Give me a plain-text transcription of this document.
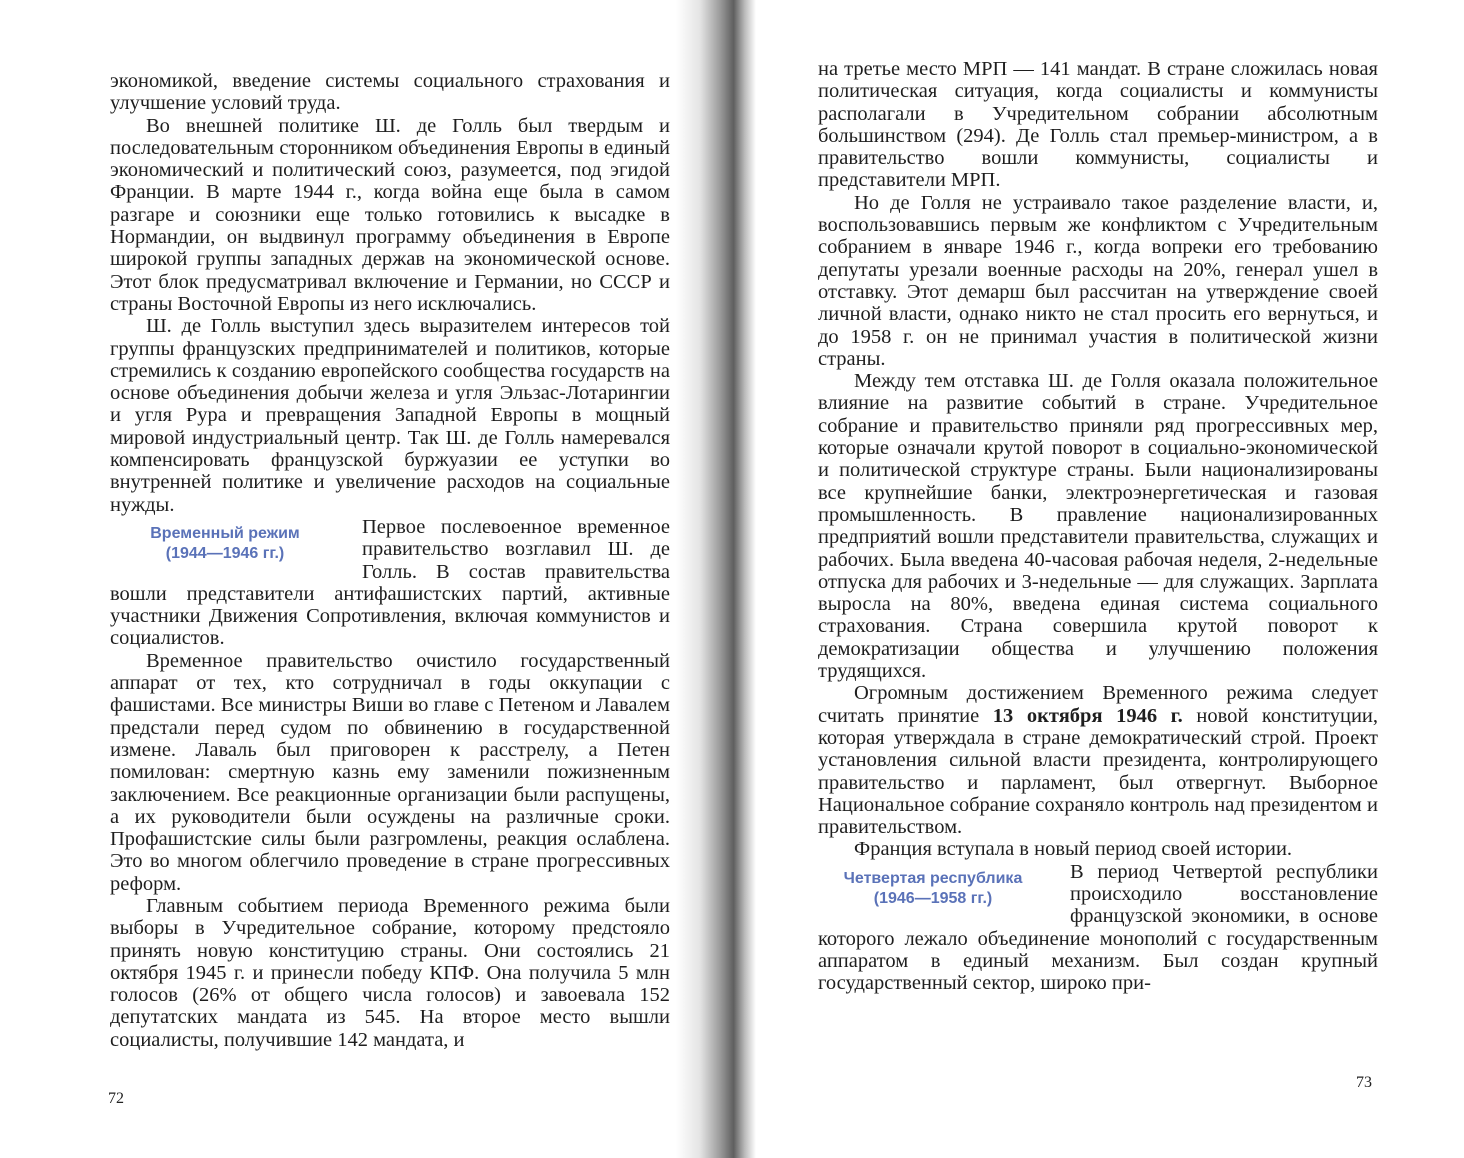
экономикой, введение системы социального страхования и улучшение условий труда.

Во внешней политике Ш. де Голль был твердым и последовательным сторонником объединения Европы в единый экономический и политический союз, разумеется, под эгидой Франции. В марте 1944 г., когда война еще была в самом разгаре и союзники еще только готовились к высадке в Нормандии, он выдвинул программу объединения в Европе широкой группы западных держав на экономической основе. Этот блок предусматривал включение и Германии, но СССР и страны Восточной Европы из него исключались.

Ш. де Голль выступил здесь выразителем интересов той группы французских предпринимателей и политиков, которые стремились к созданию европейского сообщества государств на основе объединения добычи железа и угля Эльзас-Лотарингии и угля Рура и превращения Западной Европы в мощный мировой индустриальный центр. Так Ш. де Голль намеревался компенсировать французской буржуазии ее уступки во внутренней политике и увеличение расходов на социальные нужды.

Временный режим
(1944—1946 гг.)

Первое послевоенное временное правительство возглавил Ш. де Голль. В состав правительства вошли представители антифашистских партий, активные участники Движения Сопротивления, включая коммунистов и социалистов.

Временное правительство очистило государственный аппарат от тех, кто сотрудничал в годы оккупации с фашистами. Все министры Виши во главе с Петеном и Лавалем предстали перед судом по обвинению в государственной измене. Лаваль был приговорен к расстрелу, а Петен помилован: смертную казнь ему заменили пожизненным заключением. Все реакционные организации были распущены, а их руководители были осуждены на различные сроки. Профашистские силы были разгромлены, реакция ослаблена. Это во многом облегчило проведение в стране прогрессивных реформ.

Главным событием периода Временного режима были выборы в Учредительное собрание, которому предстояло принять новую конституцию страны. Они состоялись 21 октября 1945 г. и принесли победу КПФ. Она получила 5 млн голосов (26% от общего числа голосов) и завоевала 152 депутатских мандата из 545. На второе место вышли социалисты, получившие 142 мандата, и

72

на третье место МРП — 141 мандат. В стране сложилась новая политическая ситуация, когда социалисты и коммунисты располагали в Учредительном собрании абсолютным большинством (294). Де Голль стал премьер-министром, а в правительство вошли коммунисты, социалисты и представители МРП.

Но де Голля не устраивало такое разделение власти, и, воспользовавшись первым же конфликтом с Учредительным собранием в январе 1946 г., когда вопреки его требованию депутаты урезали военные расходы на 20%, генерал ушел в отставку. Этот демарш был рассчитан на утверждение своей личной власти, однако никто не стал просить его вернуться, и до 1958 г. он не принимал участия в политической жизни страны.

Между тем отставка Ш. де Голля оказала положительное влияние на развитие событий в стране. Учредительное собрание и правительство приняли ряд прогрессивных мер, которые означали крутой поворот в социально-экономической и политической структуре страны. Были национализированы все крупнейшие банки, электроэнергетическая и газовая промышленность. В правление национализированных предприятий вошли представители правительства, служащих и рабочих. Была введена 40-часовая рабочая неделя, 2-недельные отпуска для рабочих и 3-недельные — для служащих. Зарплата выросла на 80%, введена единая система социального страхования. Страна совершила крутой поворот к демократизации общества и улучшению положения трудящихся.

Огромным достижением Временного режима следует считать принятие 13 октября 1946 г. новой конституции, которая утверждала в стране демократический строй. Проект установления сильной власти президента, контролирующего правительство и парламент, был отвергнут. Выборное Национальное собрание сохраняло контроль над президентом и правительством.

Франция вступала в новый период своей истории.

Четвертая республика
(1946—1958 гг.)

В период Четвертой республики происходило восстановление французской экономики, в основе которого лежало объединение монополий с государственным аппаратом в единый механизм. Был создан крупный государственный сектор, широко при-

73
